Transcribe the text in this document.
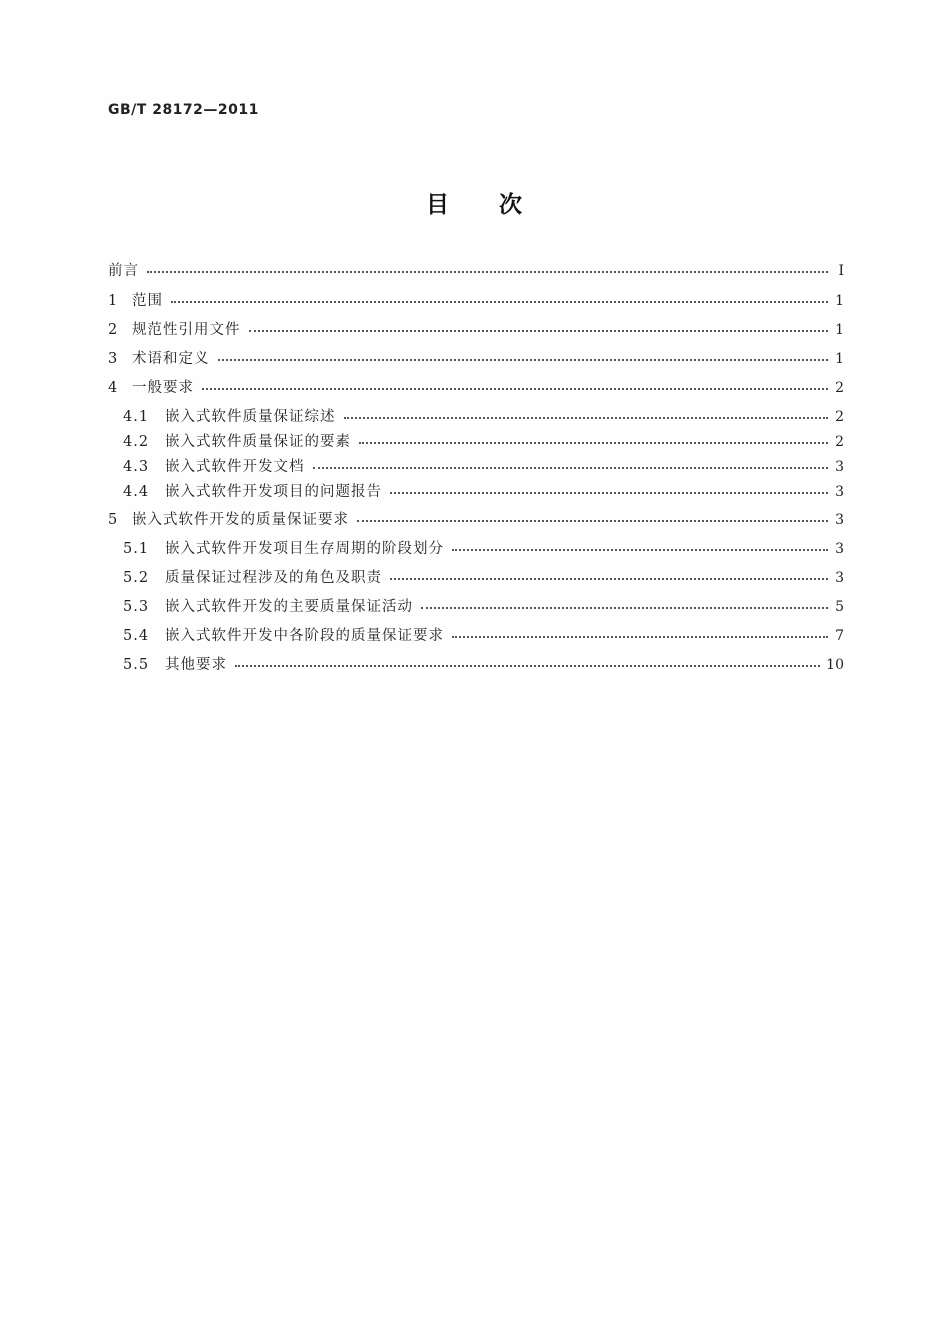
GB/T 28172—2011
目 次
前言	Ⅰ
1 范围	1
2 规范性引用文件	1
3 术语和定义	1
4 一般要求	2
4.1	嵌入式软件质量保证综述	2
4.2	嵌入式软件质量保证的要素	2
4.3	嵌入式软件开发文档	3
4.4	嵌入式软件开发项目的问题报告	3
5 嵌入式软件开发的质量保证要求	3
5.1	嵌入式软件开发项目生存周期的阶段划分	3
5.2	质量保证过程涉及的角色及职责	3
5.3	嵌入式软件开发的主要质量保证活动	5
5.4	嵌入式软件开发中各阶段的质量保证要求	7
5.5	其他要求	10
